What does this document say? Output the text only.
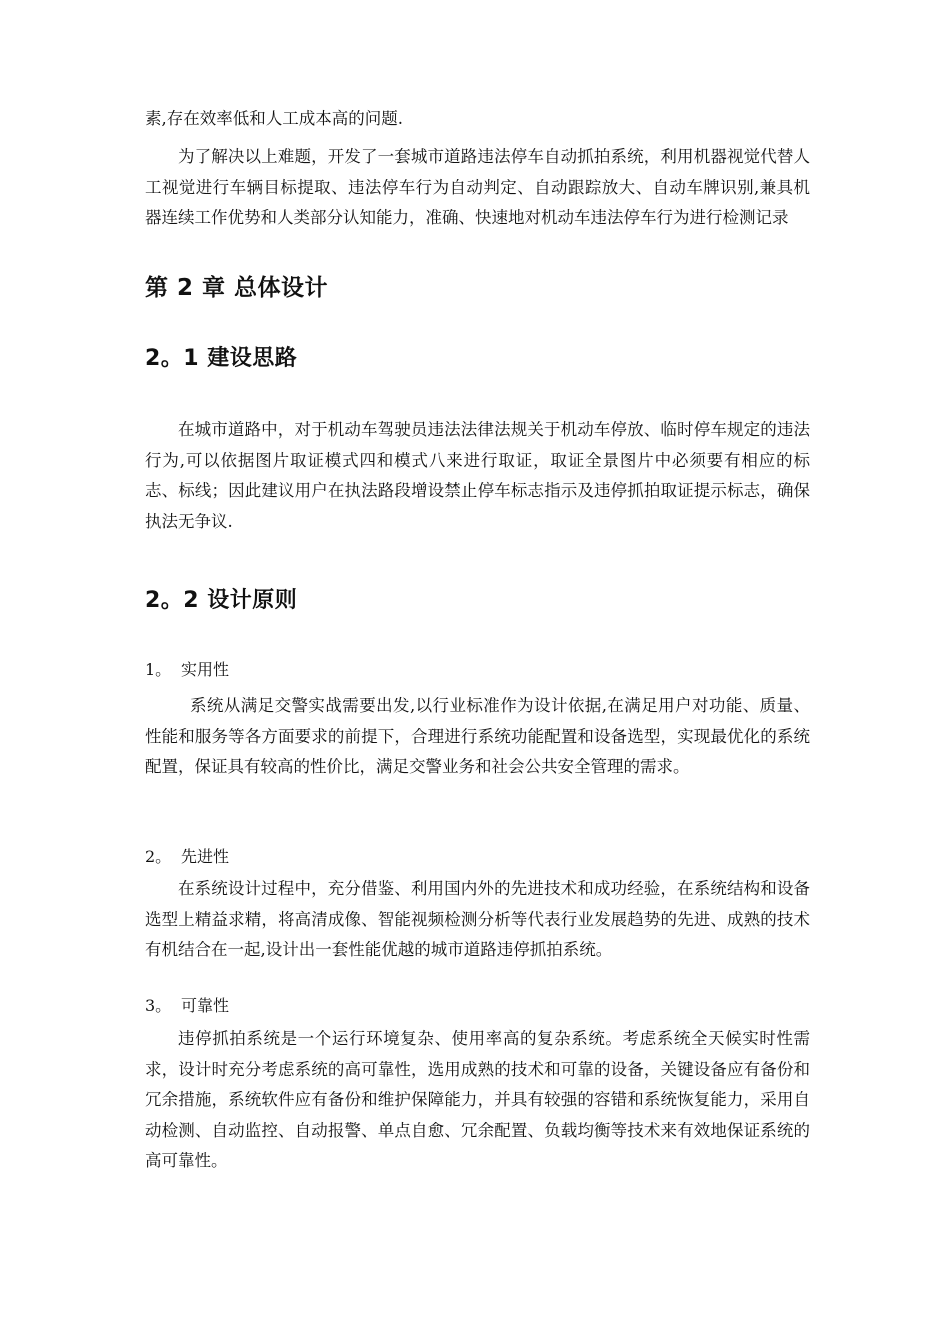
素,存在效率低和人工成本高的问题.

为了解决以上难题，开发了一套城市道路违法停车自动抓拍系统，利用机器视觉代替人工视觉进行车辆目标提取、违法停车行为自动判定、自动跟踪放大、自动车牌识别,兼具机器连续工作优势和人类部分认知能力，准确、快速地对机动车违法停车行为进行检测记录

第 2 章 总体设计
2。1 建设思路

在城市道路中，对于机动车驾驶员违法法律法规关于机动车停放、临时停车规定的违法行为,可以依据图片取证模式四和模式八来进行取证，取证全景图片中必须要有相应的标志、标线；因此建议用户在执法路段增设禁止停车标志指示及违停抓拍取证提示标志，确保执法无争议.

2。2 设计原则
1。 实用性

系统从满足交警实战需要出发,以行业标准作为设计依据,在满足用户对功能、质量、性能和服务等各方面要求的前提下，合理进行系统功能配置和设备选型，实现最优化的系统配置，保证具有较高的性价比，满足交警业务和社会公共安全管理的需求。

2。 先进性

在系统设计过程中，充分借鉴、利用国内外的先进技术和成功经验，在系统结构和设备选型上精益求精，将高清成像、智能视频检测分析等代表行业发展趋势的先进、成熟的技术有机结合在一起,设计出一套性能优越的城市道路违停抓拍系统。

3。 可靠性

违停抓拍系统是一个运行环境复杂、使用率高的复杂系统。考虑系统全天候实时性需求，设计时充分考虑系统的高可靠性，选用成熟的技术和可靠的设备，关键设备应有备份和冗余措施，系统软件应有备份和维护保障能力，并具有较强的容错和系统恢复能力，采用自动检测、自动监控、自动报警、单点自愈、冗余配置、负载均衡等技术来有效地保证系统的高可靠性。
